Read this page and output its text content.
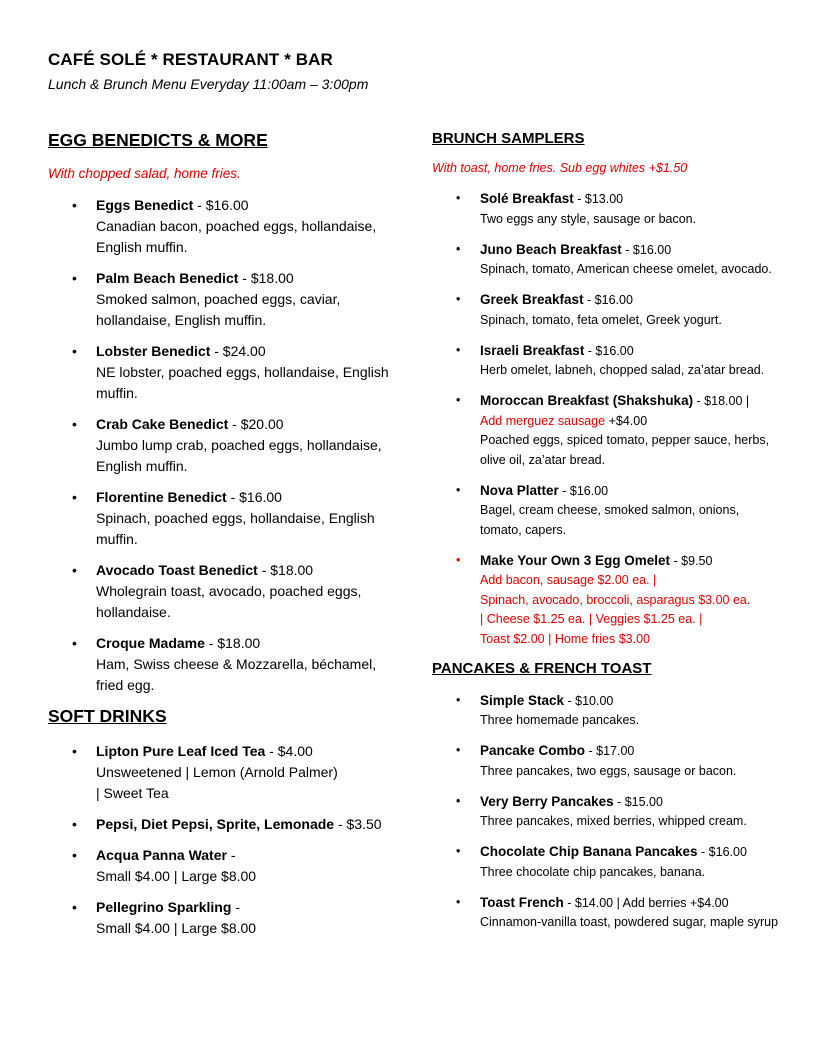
CAFÉ SOLÉ * RESTAURANT * BAR
Lunch & Brunch Menu Everyday 11:00am – 3:00pm
EGG BENEDICTS & MORE
With chopped salad, home fries.
• Eggs Benedict - $16.00
Canadian bacon, poached eggs, hollandaise, English muffin.
• Palm Beach Benedict - $18.00
Smoked salmon, poached eggs, caviar, hollandaise, English muffin.
• Lobster Benedict - $24.00
NE lobster, poached eggs, hollandaise, English muffin.
• Crab Cake Benedict - $20.00
Jumbo lump crab, poached eggs, hollandaise, English muffin.
• Florentine Benedict - $16.00
Spinach, poached eggs, hollandaise, English muffin.
• Avocado Toast Benedict - $18.00
Wholegrain toast, avocado, poached eggs, hollandaise.
• Croque Madame - $18.00
Ham, Swiss cheese & Mozzarella, béchamel, fried egg.
SOFT DRINKS
• Lipton Pure Leaf Iced Tea - $4.00
Unsweetened | Lemon (Arnold Palmer)
| Sweet Tea
• Pepsi, Diet Pepsi, Sprite, Lemonade - $3.50
• Acqua Panna Water -
Small $4.00 | Large $8.00
• Pellegrino Sparkling -
Small $4.00 | Large $8.00
BRUNCH SAMPLERS
With toast, home fries. Sub egg whites +$1.50
• Solé Breakfast - $13.00
Two eggs any style, sausage or bacon.
• Juno Beach Breakfast - $16.00
Spinach, tomato, American cheese omelet, avocado.
• Greek Breakfast - $16.00
Spinach, tomato, feta omelet, Greek yogurt.
• Israeli Breakfast - $16.00
Herb omelet, labneh, chopped salad, za’atar bread.
• Moroccan Breakfast (Shakshuka) - $18.00 |
Add merguez sausage +$4.00
Poached eggs, spiced tomato, pepper sauce, herbs, olive oil, za’atar bread.
• Nova Platter - $16.00
Bagel, cream cheese, smoked salmon, onions, tomato, capers.
• Make Your Own 3 Egg Omelet - $9.50
Add bacon, sausage $2.00 ea. |
Spinach, avocado, broccoli, asparagus $3.00 ea.
| Cheese $1.25 ea. | Veggies $1.25 ea. |
Toast $2.00 | Home fries $3.00
PANCAKES & FRENCH TOAST
• Simple Stack - $10.00
Three homemade pancakes.
• Pancake Combo - $17.00
Three pancakes, two eggs, sausage or bacon.
• Very Berry Pancakes - $15.00
Three pancakes, mixed berries, whipped cream.
• Chocolate Chip Banana Pancakes - $16.00
Three chocolate chip pancakes, banana.
• Toast French - $14.00 | Add berries +$4.00
Cinnamon-vanilla toast, powdered sugar, maple syrup
